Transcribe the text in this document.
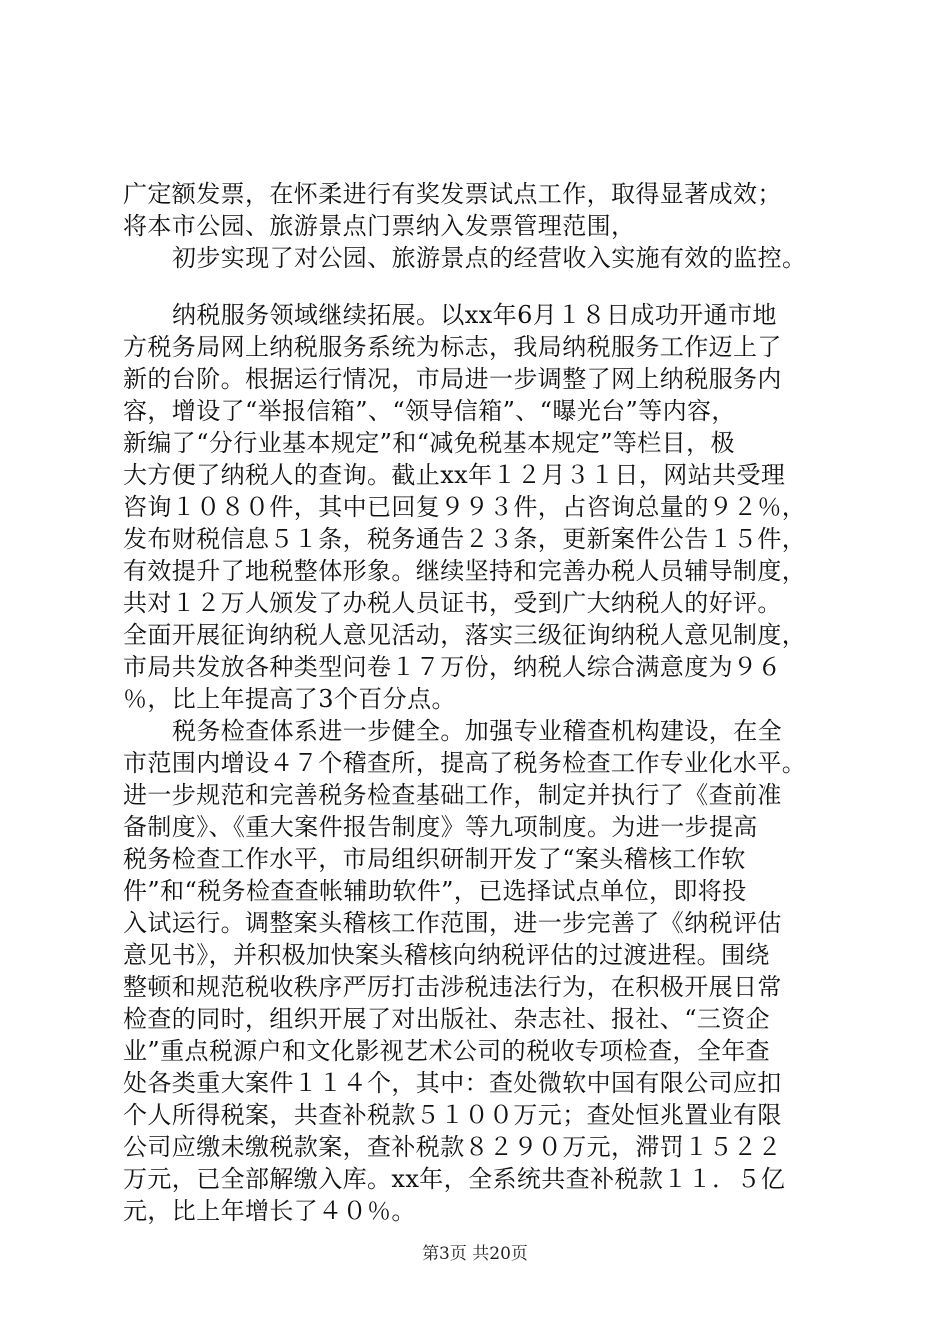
广定额发票，在怀柔进行有奖发票试点工作，取得显著成效；
将本市公园、旅游景点门票纳入发票管理范围，
初步实现了对公园、旅游景点的经营收入实施有效的监控。
纳税服务领域继续拓展。以xx年6月１８日成功开通市地
方税务局网上纳税服务系统为标志，我局纳税服务工作迈上了
新的台阶。根据运行情况，市局进一步调整了网上纳税服务内
容，增设了“举报信箱”、“领导信箱”、“曝光台”等内容，
新编了“分行业基本规定”和“减免税基本规定”等栏目，极
大方便了纳税人的查询。截止xx年１２月３１日，网站共受理
咨询１０８０件，其中已回复９９３件，占咨询总量的９２％，
发布财税信息５１条，税务通告２３条，更新案件公告１５件，
有效提升了地税整体形象。继续坚持和完善办税人员辅导制度，
共对１２万人颁发了办税人员证书，受到广大纳税人的好评。
全面开展征询纳税人意见活动，落实三级征询纳税人意见制度，
市局共发放各种类型问卷１７万份，纳税人综合满意度为９６
％，比上年提高了3个百分点。
税务检查体系进一步健全。加强专业稽查机构建设，在全
市范围内增设４７个稽查所，提高了税务检查工作专业化水平。
进一步规范和完善税务检查基础工作，制定并执行了《查前准
备制度》、《重大案件报告制度》等九项制度。为进一步提高
税务检查工作水平，市局组织研制开发了“案头稽核工作软
件”和“税务检查查帐辅助软件”，已选择试点单位，即将投
入试运行。调整案头稽核工作范围，进一步完善了《纳税评估
意见书》，并积极加快案头稽核向纳税评估的过渡进程。围绕
整顿和规范税收秩序严厉打击涉税违法行为，在积极开展日常
检查的同时，组织开展了对出版社、杂志社、报社、“三资企
业”重点税源户和文化影视艺术公司的税收专项检查，全年查
处各类重大案件１１４个，其中：查处微软中国有限公司应扣
个人所得税案，共查补税款５１００万元；查处恒兆置业有限
公司应缴未缴税款案，查补税款８２９０万元，滞罚１５２２
万元，已全部解缴入库。xx年，全系统共查补税款１１．５亿
元，比上年增长了４０％。
第3页 共20页
